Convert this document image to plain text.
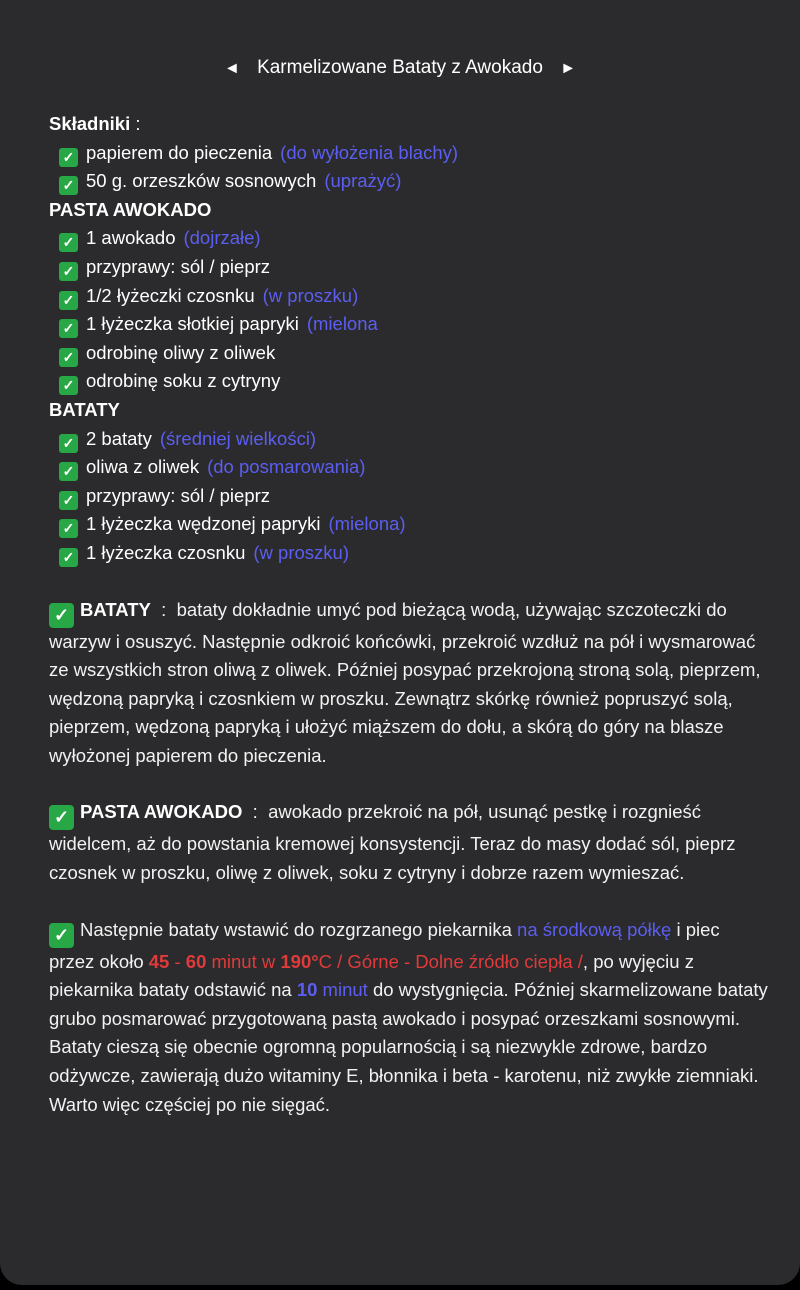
◄ Karmelizowane Bataty z Awokado ►
Składniki :
✓ papierem do pieczenia (do wyłożenia blachy)
✓ 50 g. orzeszków sosnowych (uprażyć)
PASTA AWOKADO
✓ 1 awokado (dojrzałe)
✓ przyprawy: sól / pieprz
✓ 1/2 łyżeczki czosnku (w proszku)
✓ 1 łyżeczka słotkiej papryki (mielona
✓ odrobinę oliwy z oliwek
✓ odrobinę soku z cytryny
BATATY
✓ 2 bataty (średniej wielkości)
✓ oliwa z oliwek (do posmarowania)
✓ przyprawy: sól / pieprz
✓ 1 łyżeczka wędzonej papryki (mielona)
✓ 1 łyżeczka czosnku (w proszku)
✓ BATATY  :  bataty dokładnie umyć pod bieżącą wodą, używając szczoteczki do warzyw i osuszyć. Następnie odkroić końcówki, przekroić wzdłuż na pół i wysmarować ze wszystkich stron oliwą z oliwek. Później posypać przekrojoną stroną solą, pieprzem, wędzoną papryką i czosnkiem w proszku. Zewnątrz skórkę również popruszyć solą, pieprzem, wędzoną papryką i ułożyć miąższem do dołu, a skórą do góry na blasze wyłożonej papierem do pieczenia.
✓ PASTA AWOKADO  :  awokado przekroić na pół, usunąć pestkę i rozgnieść widelcem, aż do powstania kremowej konsystencji. Teraz do masy dodać sól, pieprz czosnek w proszku, oliwę z oliwek, soku z cytryny i dobrze razem wymieszać.
✓ Następnie bataty wstawić do rozgrzanego piekarnika na środkową półkę i piec przez około 45 - 60 minut w 190°C / Górne - Dolne źródło ciepła /, po wyjęciu z piekarnika bataty odstawić na 10 minut do wystygnięcia. Później skarmelizowane bataty grubo posmarować przygotowaną pastą awokado i posypać orzeszkami sosnowymi. Bataty cieszą się obecnie ogromną popularnością i są niezwykle zdrowe, bardzo odżywcze, zawierają dużo witaminy E, błonnika i beta - karotenu, niż zwykłe ziemniaki. Warto więc częściej po nie sięgać.
